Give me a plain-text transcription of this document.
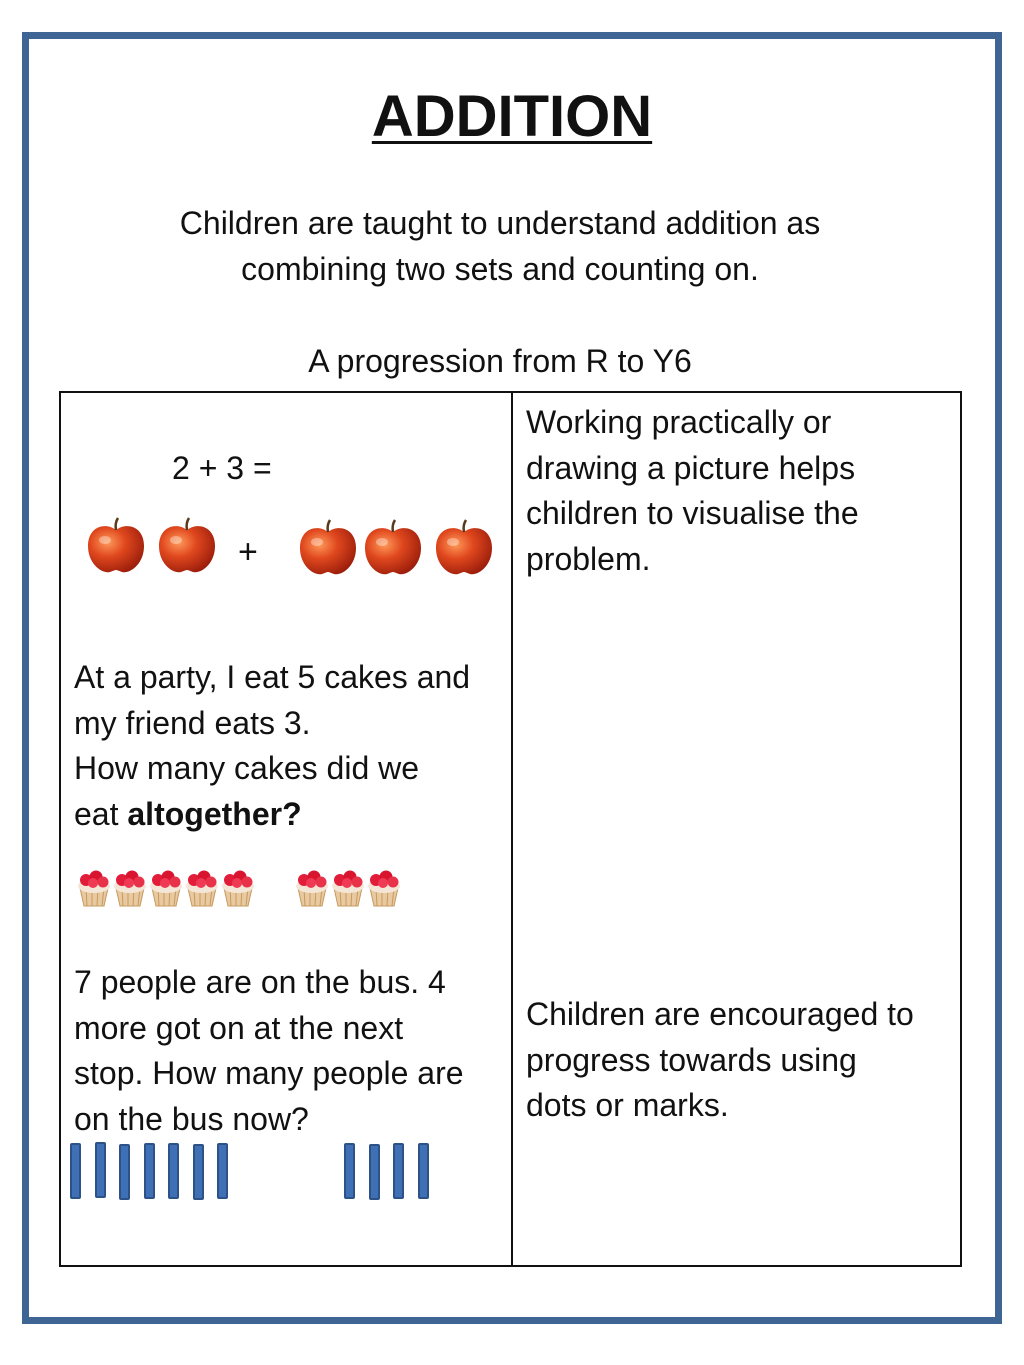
ADDITION
Children are taught to understand addition as
combining two sets and counting on.
A progression from R to Y6
2 + 3 =
+
At a party, I eat 5 cakes and
my friend eats 3.
How many cakes did we
eat altogether?
7 people are on the bus. 4
more got on at the next
stop. How many people are
on the bus now?
Working practically or
drawing a picture helps
children to visualise the
problem.
Children are encouraged to
progress towards using
dots or marks.
